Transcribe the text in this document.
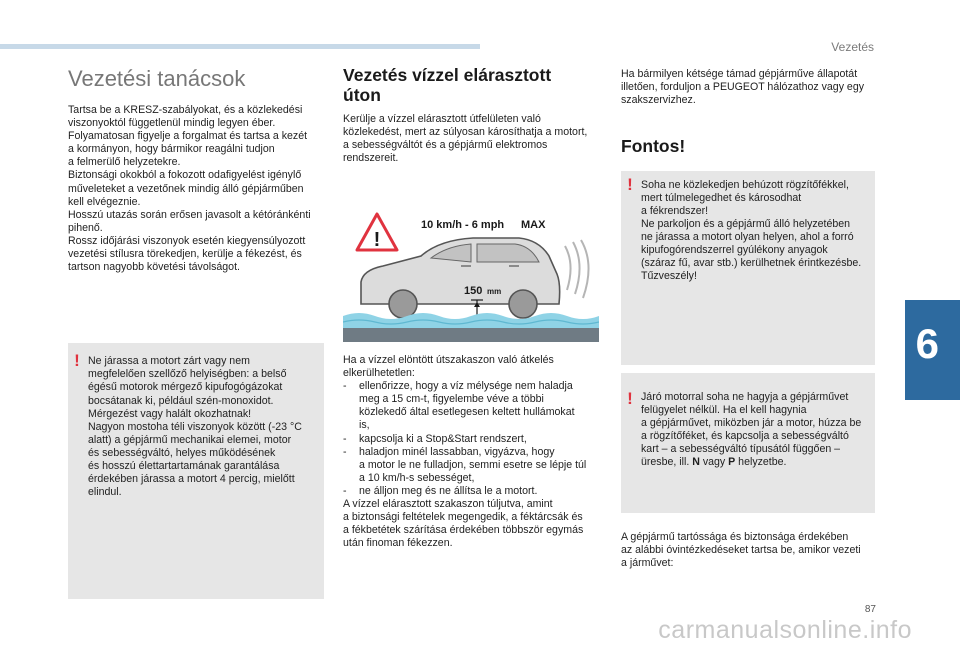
Vezetés
6
Vezetési tanácsok

Tartsa be a KRESZ-szabályokat, és a közlekedési

viszonyoktól függetlenül mindig legyen éber.

Folyamatosan figyelje a forgalmat és tartsa a kezét

a kormányon, hogy bármikor reagálni tudjon

a felmerülő helyzetekre.

Biztonsági okokból a fokozott odafigyelést igénylő

műveleteket a vezetőnek mindig álló gépjárműben

kell elvégeznie.

Hosszú utazás során erősen javasolt a kétóránkénti

pihenő.

Rossz időjárási viszonyok esetén kiegyensúlyozott

vezetési stílusra törekedjen, kerülje a fékezést, és

tartson nagyobb követési távolságot.

! Ne járassa a motort zárt vagy nem

megfelelően szellőző helyiségben: a belső

égésű motorok mérgező kipufogógázokat

bocsátanak ki, például szén-monoxidot.

Mérgezést vagy halált okozhatnak!

Nagyon mostoha téli viszonyok között (-23 °C

alatt) a gépjármű mechanikai elemei, motor

és sebességváltó, helyes működésének

és hosszú élettartartamának garantálása

érdekében járassa a motort 4 percig, mielőtt

elindul.

Vezetés vízzel elárasztott
úton

Kerülje a vízzel elárasztott útfelületen való

közlekedést, mert az súlyosan károsíthatja a motort,

a sebességváltót és a gépjármű elektromos

rendszereit.

!
10 km/h - 6 mph MAX
150 mm

Ha a vízzel elöntött útszakaszon való átkelés

elkerülhetetlen:

- ellenőrizze, hogy a víz mélysége nem haladja

meg a 15 cm-t, figyelembe véve a többi

közlekedő által esetlegesen keltett hullámokat

is,

- kapcsolja ki a Stop&Start rendszert,

- haladjon minél lassabban, vigyázva, hogy

a motor le ne fulladjon, semmi esetre se lépje túl

a 10 km/h-s sebességet,

- ne álljon meg és ne állítsa le a motort.

A vízzel elárasztott szakaszon túljutva, amint

a biztonsági feltételek megengedik, a féktárcsák és

a fékbetétek szárítása érdekében többször egymás

után finoman fékezzen.

Ha bármilyen kétsége támad gépjárműve állapotát

illetően, forduljon a PEUGEOT hálózathoz vagy egy

szakszervizhez.

Fontos!
! Soha ne közlekedjen behúzott rögzítőfékkel,

mert túlmelegedhet és károsodhat

a fékrendszer!

Ne parkoljon és a gépjármű álló helyzetében

ne járassa a motort olyan helyen, ahol a forró

kipufogórendszerrel gyúlékony anyagok

(száraz fű, avar stb.) kerülhetnek érintkezésbe.

Tűzveszély!

! Járó motorral soha ne hagyja a gépjárművet

felügyelet nélkül. Ha el kell hagynia

a gépjárművet, miközben jár a motor, húzza be

a rögzítőféket, és kapcsolja a sebességváltó

kart – a sebességváltó típusától függően –

üresbe, ill. N vagy P helyzetbe.

A gépjármű tartóssága és biztonsága érdekében

az alábbi óvintézkedéseket tartsa be, amikor vezeti

a járművet:

87
carmanualsonline.info
